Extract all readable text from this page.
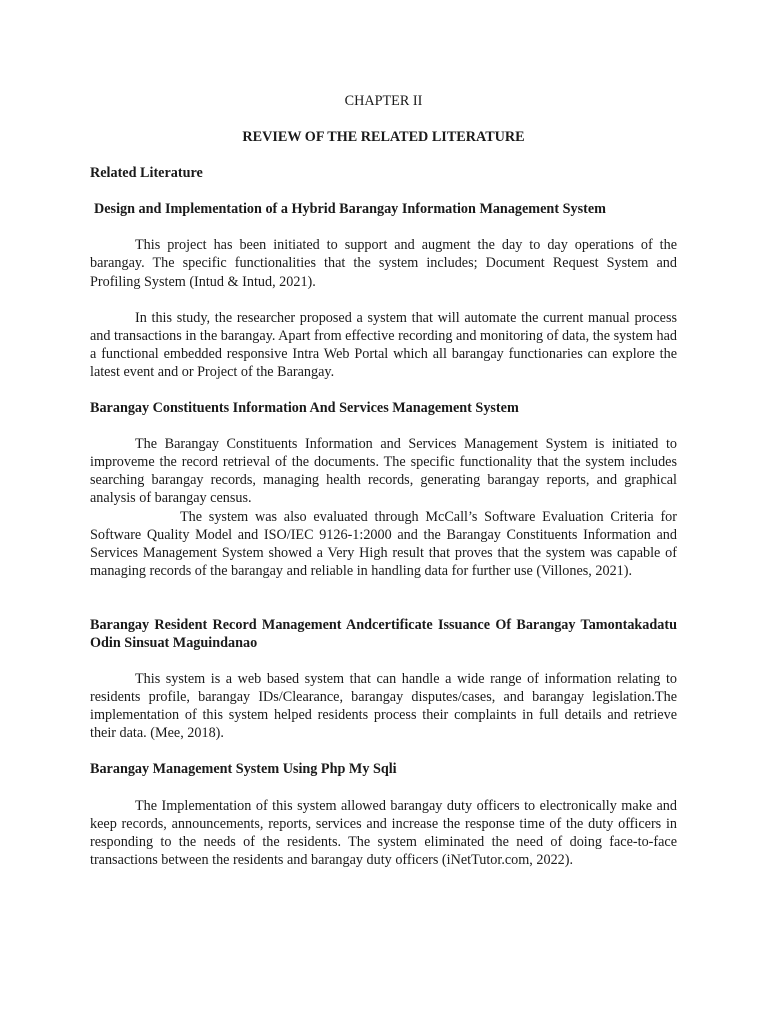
CHAPTER II
REVIEW OF THE RELATED LITERATURE
Related Literature
Design and Implementation of a Hybrid Barangay Information Management System

This project has been initiated to support and augment the day to day operations of the barangay. The specific functionalities that the system includes; Document Request System and Profiling System (Intud & Intud, 2021).

In this study, the researcher proposed a system that will automate the current manual process and transactions in the barangay. Apart from effective recording and monitoring of data, the system had a functional embedded responsive Intra Web Portal which all barangay functionaries can explore the latest event and or Project of the Barangay.

Barangay Constituents Information And Services Management System

The Barangay Constituents Information and Services Management System is initiated to improveme the record retrieval of the documents. The specific functionality that the system includes searching barangay records, managing health records, generating barangay reports, and graphical analysis of barangay census.

The system was also evaluated through McCall’s Software Evaluation Criteria for Software Quality Model and ISO/IEC 9126-1:2000 and the Barangay Constituents Information and Services Management System showed a Very High result that proves that the system was capable of managing records of the barangay and reliable in handling data for further use (Villones, 2021).

Barangay Resident Record Management Andcertificate Issuance Of Barangay Tamontakadatu Odin Sinsuat Maguindanao

This system is a web based system that can handle a wide range of information relating to residents profile, barangay IDs/Clearance, barangay disputes/cases, and barangay legislation.The implementation of this system helped residents process their complaints in full details and retrieve their data. (Mee, 2018).

Barangay Management System Using Php My Sqli

The Implementation of this system allowed barangay duty officers to electronically make and keep records, announcements, reports, services and increase the response time of the duty officers in responding to the needs of the residents. The system eliminated the need of doing face-to-face transactions between the residents and barangay duty officers (iNetTutor.com, 2022).
